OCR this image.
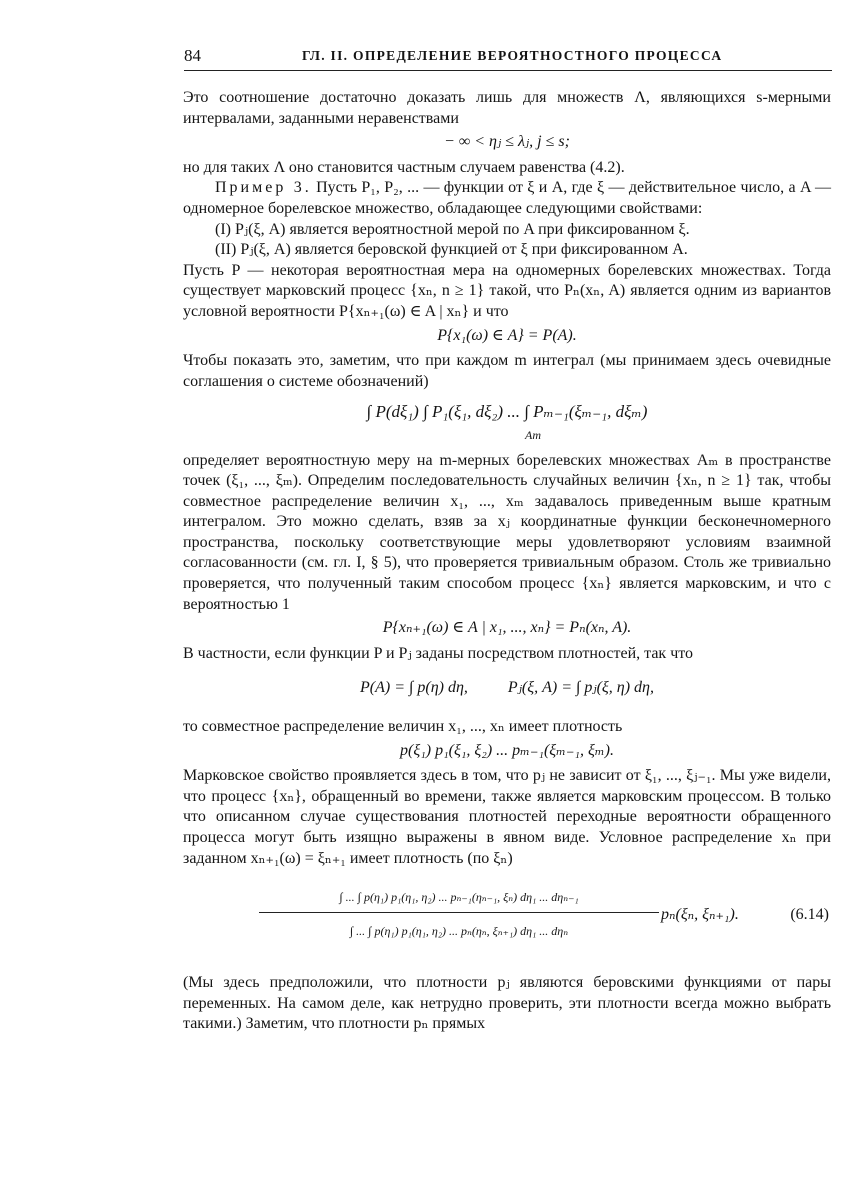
84	ГЛ. II. ОПРЕДЕЛЕНИЕ ВЕРОЯТНОСТНОГО ПРОЦЕССА

Это соотношение достаточно доказать лишь для множеств Λ, являющихся s-мерными интервалами, заданными неравенствами

− ∞ < ηⱼ ≤ λⱼ, j ≤ s;

но для таких Λ оно становится частным случаем равенства (4.2).

Пример 3. Пусть P₁, P₂, ... — функции от ξ и A, где ξ — действительное число, а A — одномерное борелевское множество, обладающее следующими свойствами:

(I) Pⱼ(ξ, A) является вероятностной мерой по A при фиксированном ξ.

(II) Pⱼ(ξ, A) является беровской функцией от ξ при фиксированном A.

Пусть P — некоторая вероятностная мера на одномерных борелевских множествах. Тогда существует марковский процесс {xₙ, n ≥ 1} такой, что Pₙ(xₙ, A) является одним из вариантов условной вероятности P{xₙ₊₁(ω) ∈ A | xₙ} и что

P{x₁(ω) ∈ A} = P(A).

Чтобы показать это, заметим, что при каждом m интеграл (мы принимаем здесь очевидные соглашения о системе обозначений)

∫ P(dξ₁) ∫ P₁(ξ₁, dξ₂) ... ∫ Pₘ₋₁(ξₘ₋₁, dξₘ)
Am

определяет вероятностную меру на m-мерных борелевских множествах Aₘ в пространстве точек (ξ₁, ..., ξₘ). Определим последовательность случайных величин {xₙ, n ≥ 1} так, чтобы совместное распределение величин x₁, ..., xₘ задавалось приведенным выше кратным интегралом. Это можно сделать, взяв за xⱼ координатные функции бесконечномерного пространства, поскольку соответствующие меры удовлетворяют условиям взаимной согласованности (см. гл. I, § 5), что проверяется тривиальным образом. Столь же тривиально проверяется, что полученный таким способом процесс {xₙ} является марковским, и что с вероятностью 1

P{xₙ₊₁(ω) ∈ A | x₁, ..., xₙ} = Pₙ(xₙ, A).

В частности, если функции P и Pⱼ заданы посредством плотностей, так что

P(A) = ∫ p(η) dη,          Pⱼ(ξ, A) = ∫ pⱼ(ξ, η) dη,

то совместное распределение величин x₁, ..., xₙ имеет плотность

p(ξ₁) p₁(ξ₁, ξ₂) ... pₘ₋₁(ξₘ₋₁, ξₘ).

Марковское свойство проявляется здесь в том, что pⱼ не зависит от ξ₁, ..., ξⱼ₋₁. Мы уже видели, что процесс {xₙ}, обращенный во времени, также является марковским процессом. В только что описанном случае существования плотностей переходные вероятности обращенного процесса могут быть изящно выражены в явном виде. Условное распределение xₙ при заданном xₙ₊₁(ω) = ξₙ₊₁ имеет плотность (по ξₙ)

∫ ... ∫ p(η₁) p₁(η₁, η₂) ... pₙ₋₁(ηₙ₋₁, ξₙ) dη₁ ... dηₙ₋₁
∫ ... ∫ p(η₁) p₁(η₁, η₂) ... pₙ(ηₙ, ξₙ₊₁) dη₁ ... dηₙ
pₙ(ξₙ, ξₙ₊₁).	(6.14)

(Мы здесь предположили, что плотности pⱼ являются беровскими функциями от пары переменных. На самом деле, как нетрудно проверить, эти плотности всегда можно выбрать такими.) Заметим, что плотности pₙ прямых
